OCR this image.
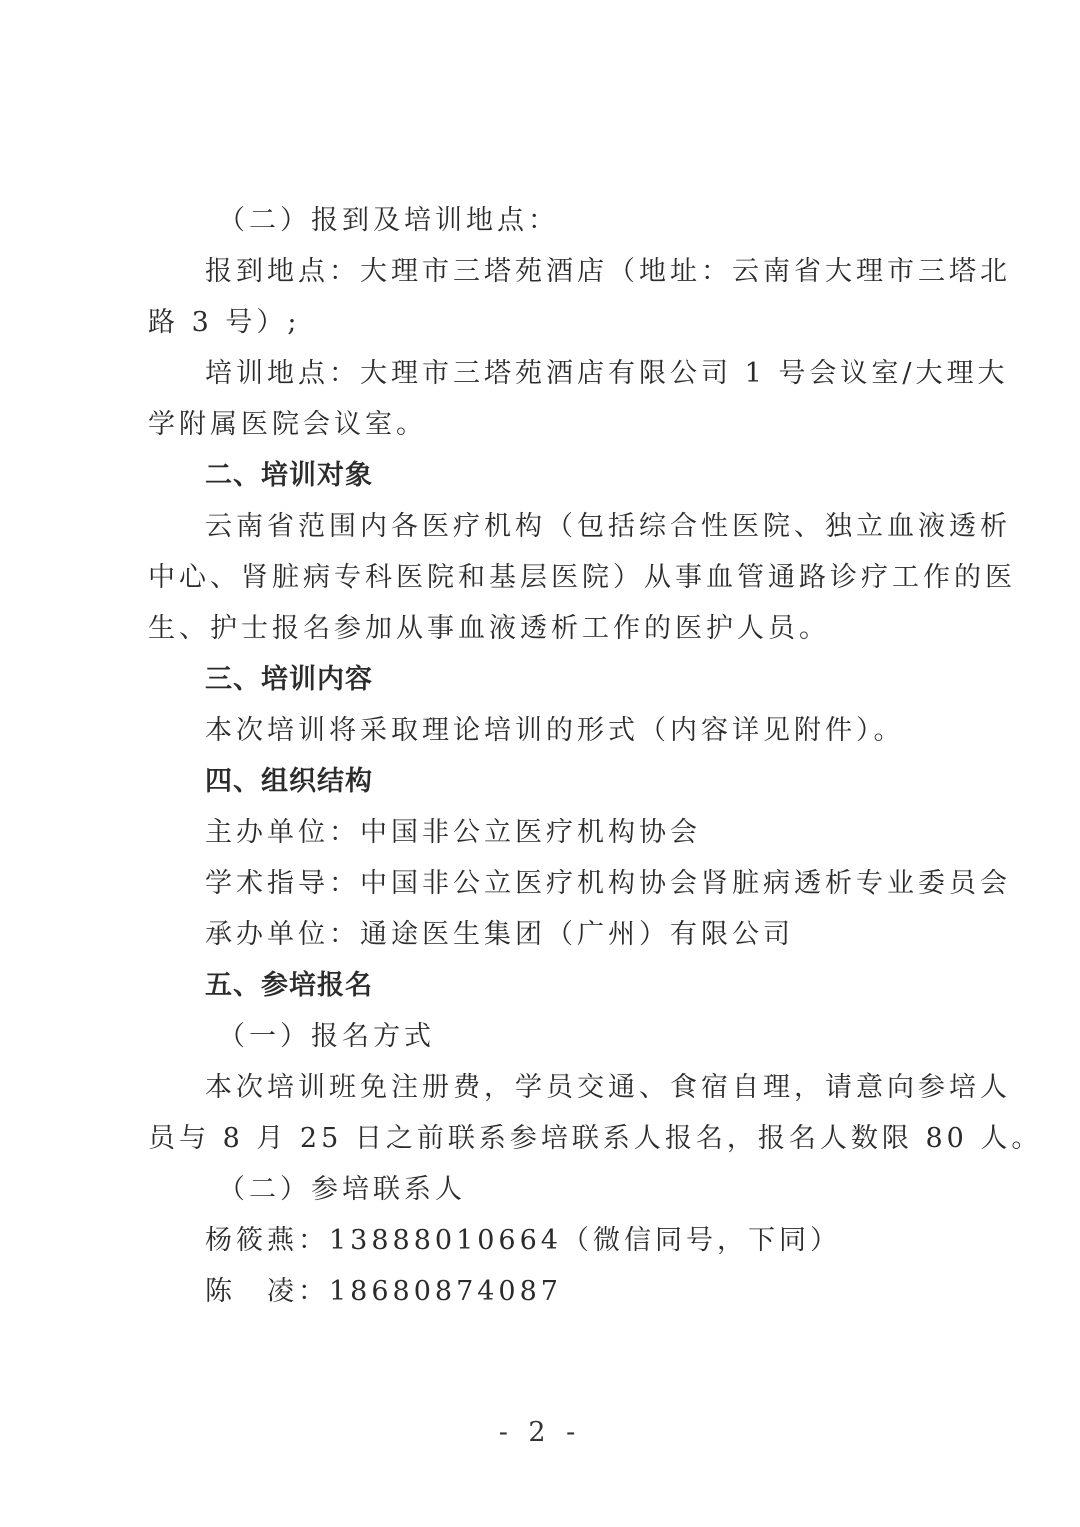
（二）报到及培训地点：
报到地点：大理市三塔苑酒店（地址：云南省大理市三塔北
路 3 号）;
培训地点：大理市三塔苑酒店有限公司 1 号会议室/大理大
学附属医院会议室。
二、培训对象
云南省范围内各医疗机构（包括综合性医院、独立血液透析
中心、肾脏病专科医院和基层医院）从事血管通路诊疗工作的医
生、护士报名参加从事血液透析工作的医护人员。
三、培训内容
本次培训将采取理论培训的形式（内容详见附件）。
四、组织结构
主办单位：中国非公立医疗机构协会
学术指导：中国非公立医疗机构协会肾脏病透析专业委员会
承办单位：通途医生集团（广州）有限公司
五、参培报名
（一）报名方式
本次培训班免注册费，学员交通、食宿自理，请意向参培人
员与 8 月 25 日之前联系参培联系人报名，报名人数限 80 人。
（二）参培联系人
杨筱燕：13888010664（微信同号，下同）
陈　凌：18680874087
- 2 -
